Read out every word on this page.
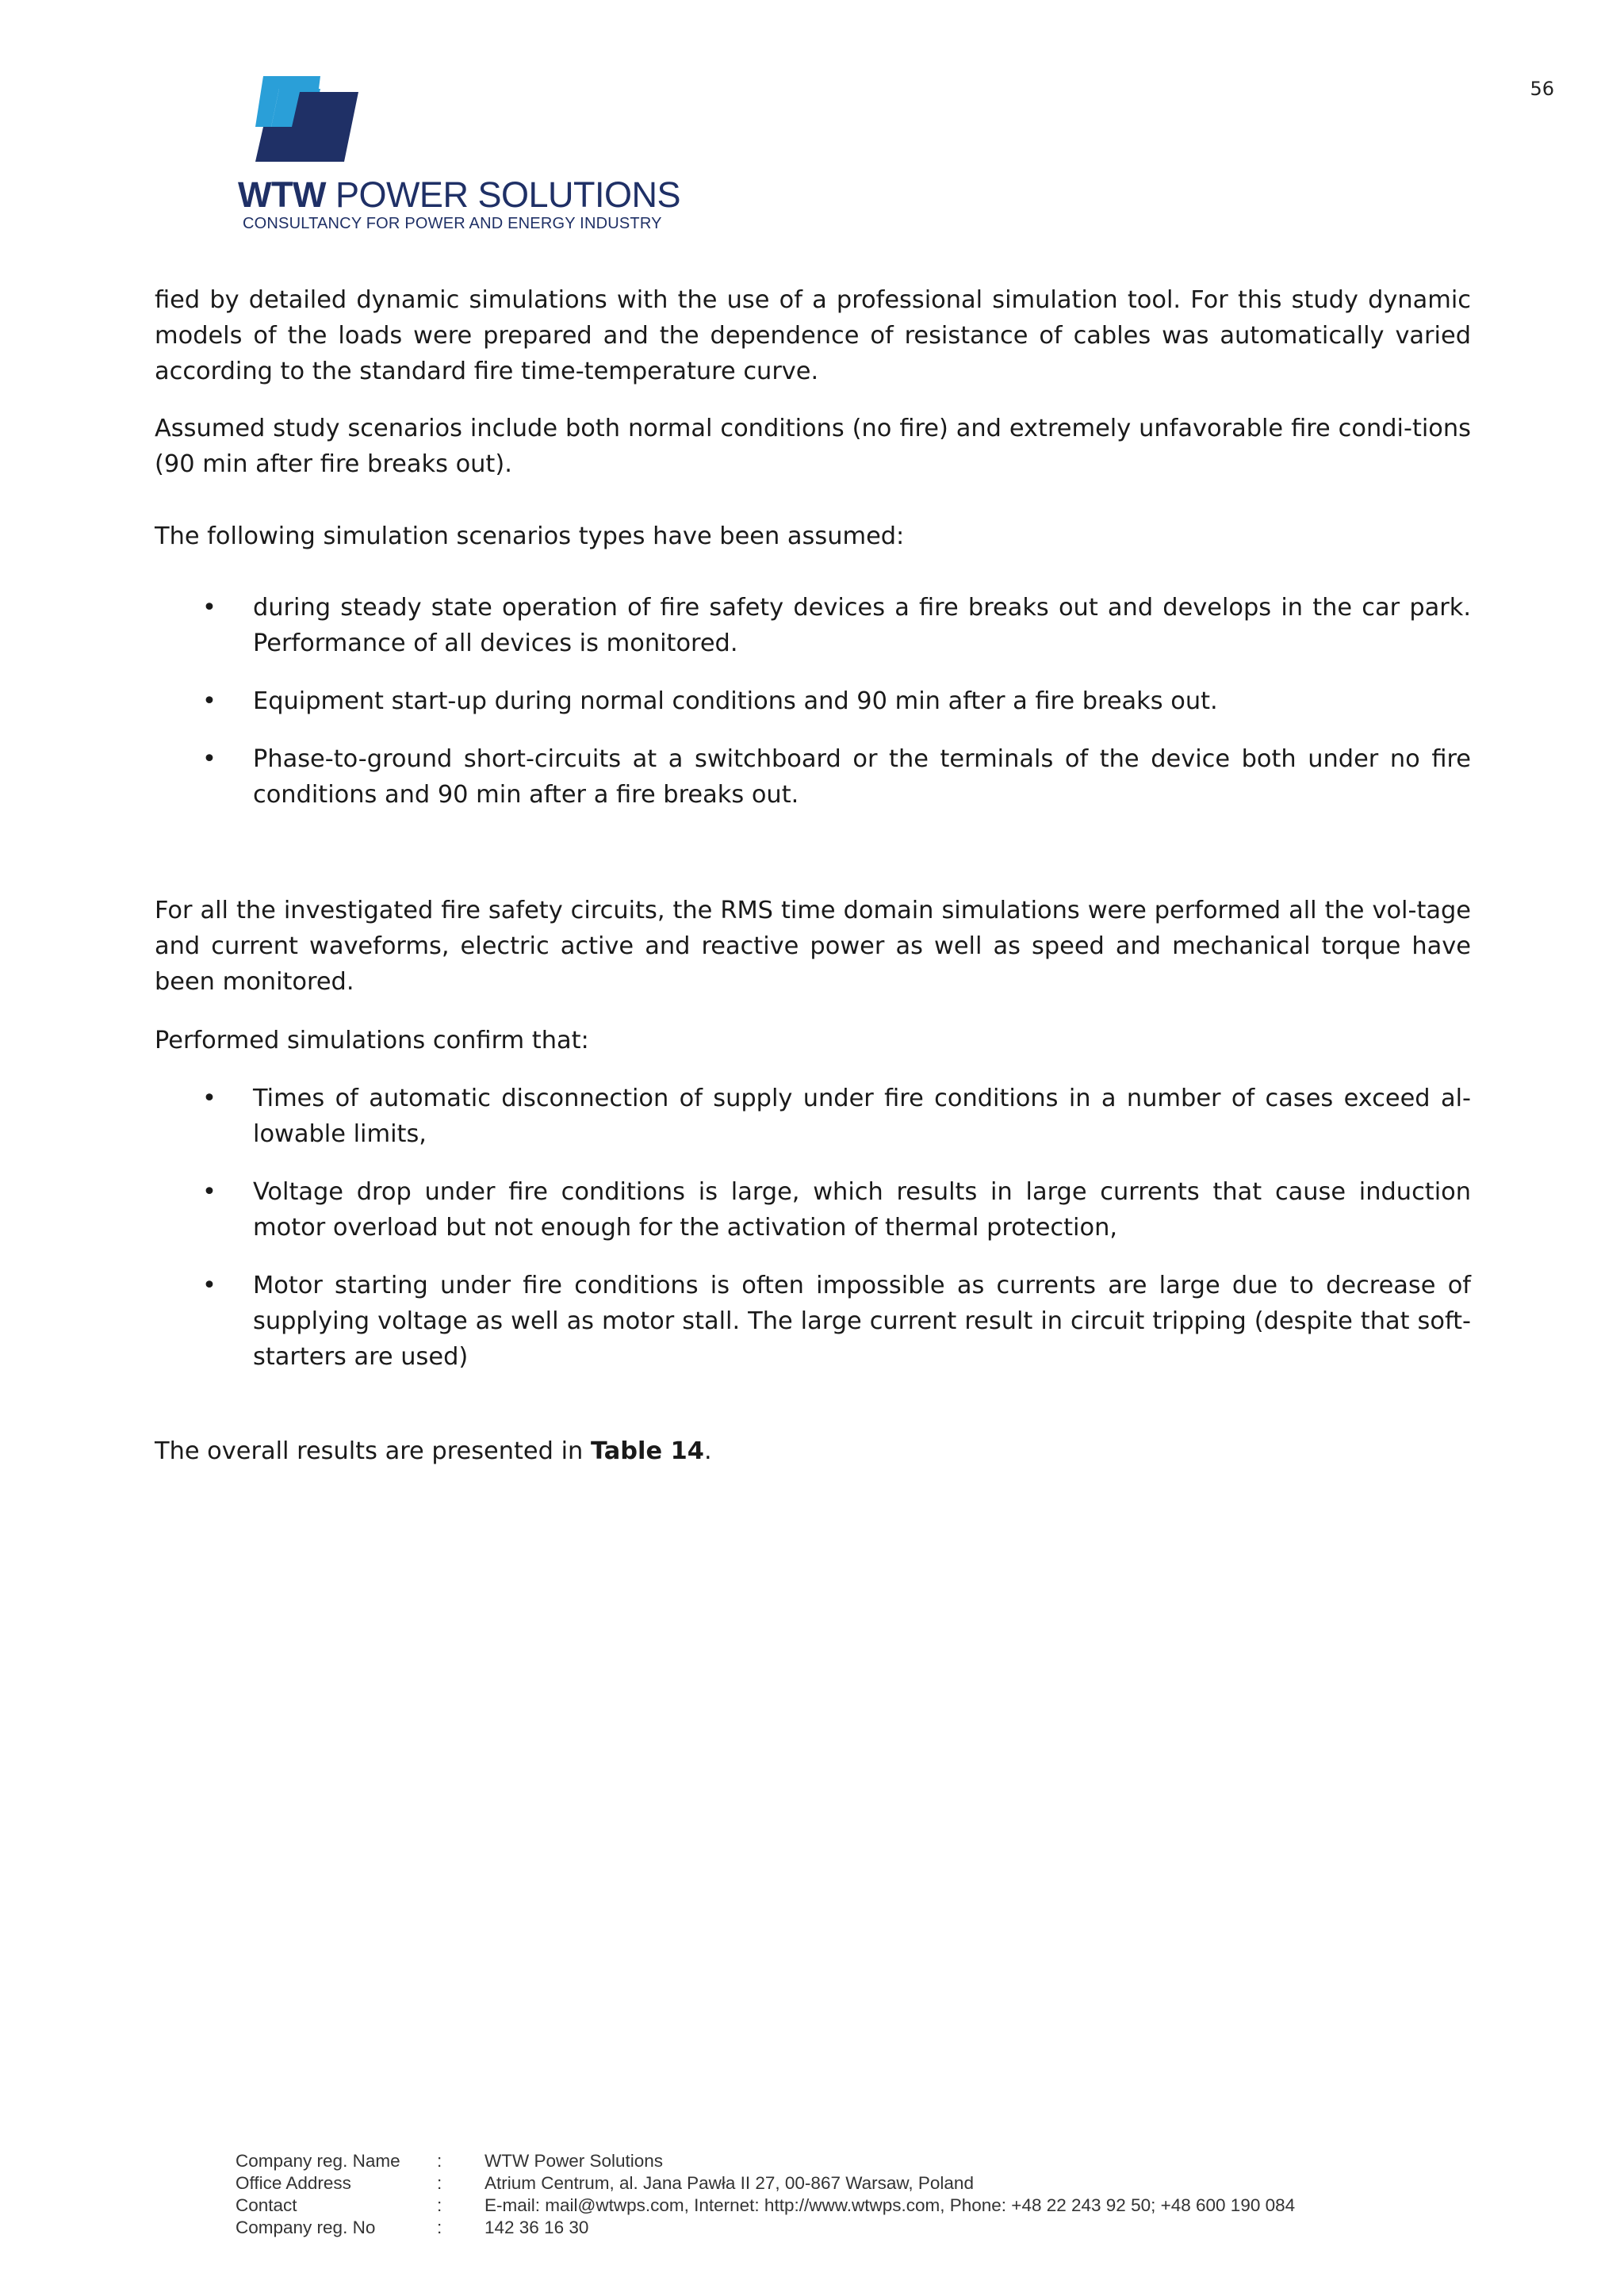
56
WTW POWER SOLUTIONS
CONSULTANCY FOR POWER AND ENERGY INDUSTRY

fied by detailed dynamic simulations with the use of a professional simulation tool. For this study dynamic models of the loads were prepared and the dependence of resistance of cables was automatically varied according to the standard fire time-temperature curve.

Assumed study scenarios include both normal conditions (no fire) and extremely unfavorable fire condi-tions (90 min after fire breaks out).

The following simulation scenarios types have been assumed:

• during steady state operation of fire safety devices a fire breaks out and develops in the car park. Performance of all devices is monitored.
• Equipment start-up during normal conditions and 90 min after a fire breaks out.
• Phase-to-ground short-circuits at a switchboard or the terminals of the device both under no fire conditions and 90 min after a fire breaks out.

For all the investigated fire safety circuits, the RMS time domain simulations were performed all the vol-tage and current waveforms, electric active and reactive power as well as speed and mechanical torque have been monitored.

Performed simulations confirm that:

• Times of automatic disconnection of supply under fire conditions in a number of cases exceed al-lowable limits,
• Voltage drop under fire conditions is large, which results in large currents that cause induction motor overload but not enough for the activation of thermal protection,
• Motor starting under fire conditions is often impossible as currents are large due to decrease of supplying voltage as well as motor stall. The large current result in circuit tripping (despite that soft-starters are used)

The overall results are presented in Table 14.

Company reg. Name : WTW Power Solutions
Office Address	: Atrium Centrum, al. Jana Pawła II 27, 00-867 Warsaw, Poland
Contact	: E-mail: mail@wtwps.com, Internet: http://www.wtwps.com, Phone: +48 22 243 92 50; +48 600 190 084
Company reg. No	: 142 36 16 30
